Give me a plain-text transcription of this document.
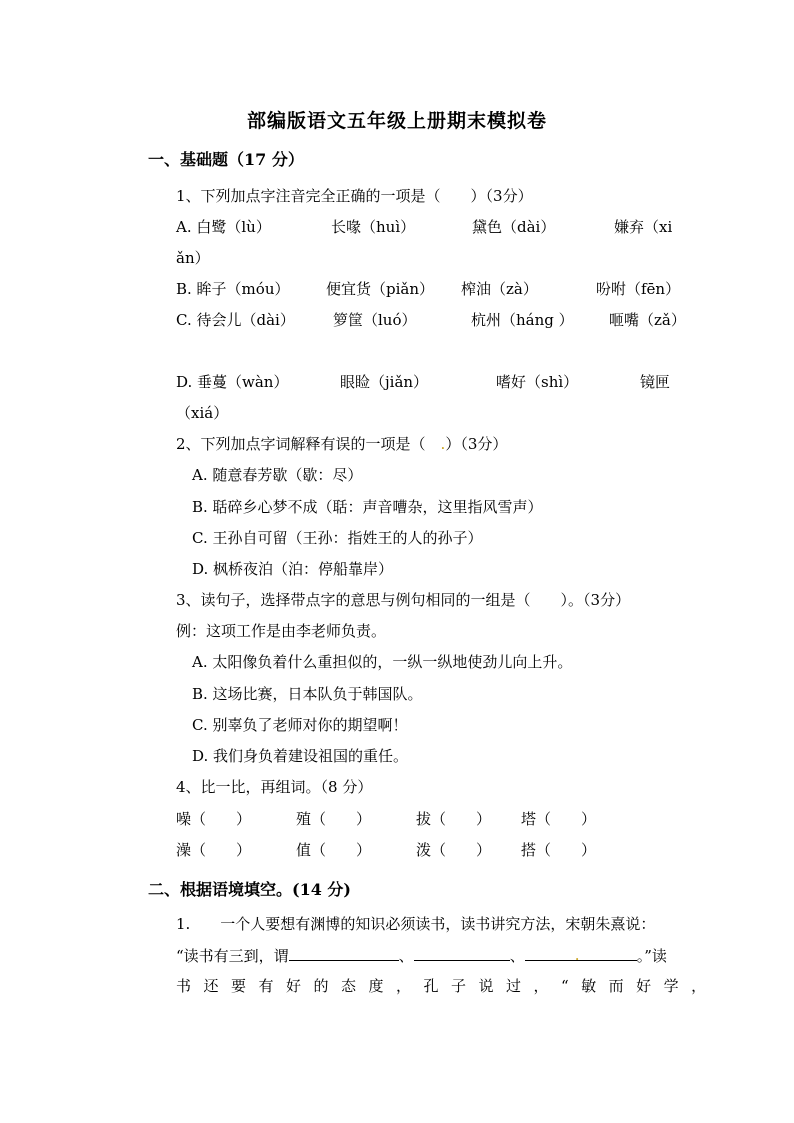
部编版语文五年级上册期末模拟卷
一、基础题（17 分）
1、下列加点字注音完全正确的一项是（　　）（3分）
A. 白鹭（lù）	长喙（huì）	黛色（dài）	嫌弃（xi
ǎn）
B. 眸子（móu） 便宜货（piǎn） 榨油（zà）	吩咐（fēn）
C. 待会儿（dài）	箩筐（luó）	杭州（háng ） 咂嘴（zǎ）
D. 垂蔓（wàn）	眼睑（jiǎn）	嗜好（shì）	镜匣
（xiá）
2、下列加点字词解释有误的一项是（　.）（3分）
A. 随意春芳歇（歇：尽）
B. 聒碎乡心梦不成（聒：声音嘈杂，这里指风雪声）
C. 王孙自可留（王孙：指姓王的人的孙子）
D. 枫桥夜泊（泊：停船靠岸）
3、读句子，选择带点字的意思与例句相同的一组是（　　）。（3分）
例：这项工作是由李老师负责。
A. 太阳像负着什么重担似的，一纵一纵地使劲儿向上升。
B. 这场比赛，日本队负于韩国队。
C. 别辜负了老师对你的期望啊！
D. 我们身负着建设祖国的重任。
4、比一比，再组词。（8 分）
噪（　　）	殖（　　）	拔（　　） 塔（　　）
澡（　　）	值（　　）	泼（　　） 搭（　　）
二、根据语境填空。(14 分)
1.　　一个人要想有渊博的知识必须读书，读书讲究方法，宋朝朱熹说：
“读书有三到，谓	、	、	.	。”读
书还要有好的态度，孔子说过，“敏而好学，
